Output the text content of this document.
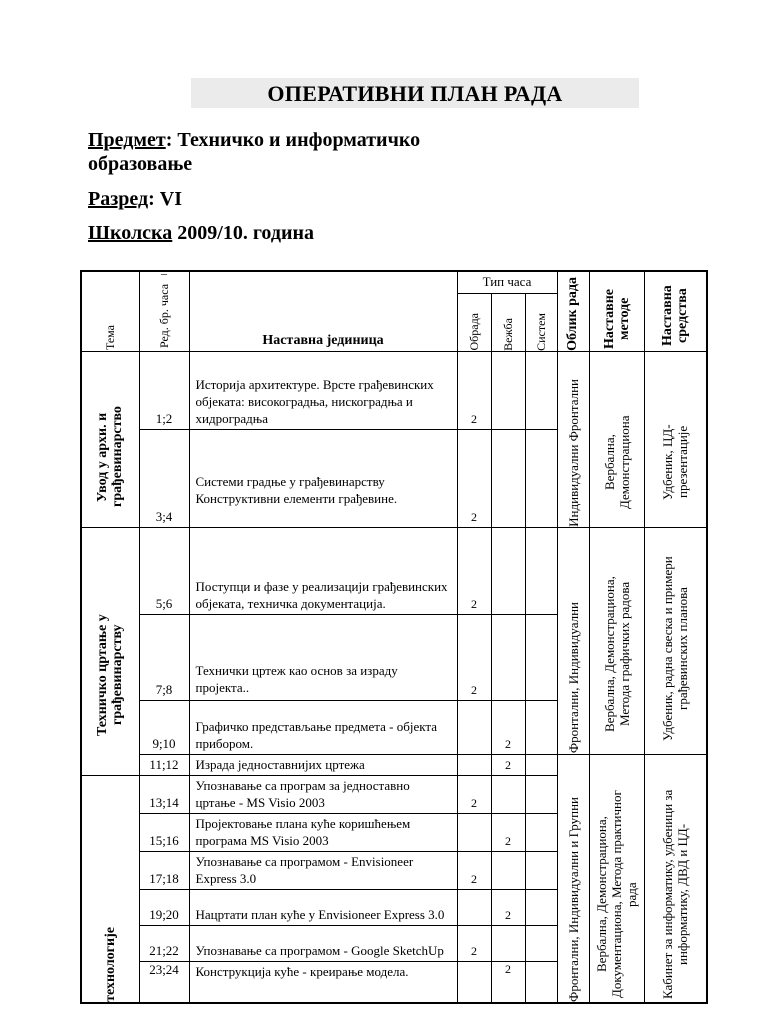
ОПЕРАТИВНИ ПЛАН РАДА
Предмет: Техничко и информатичко образовање
Разред: VI
Школска 2009/10. година
_
Тема	Ред. бр. часа	Наставна јединица	Тип часа			Облик рада	Наставне методе	Наставна средства

			Обрада	Вежба	Систем			

Увод у архи. и грађевинарство	1;2	Историја архитектуре. Врсте грађевинских објеката: високоградња, нискоградња и хидроградња	2			Индивидуални Фронтални	Вербална, Демонстрациона	Удбеник, ЦД-презентације

	3;4	Системи градње у грађевинарству Конструктивни елементи грађевине.	2					

Техничко цртање у грађевинарству	5;6	Поступци и фазе у реализацији грађевинских објеката, техничка документација.	2			Фронтални, Индивидуални	Вербална, Демонстрациона, Метода графичких радова	Удбеник, радна свеска и примери грађевинских планова

	7;8	Технички цртеж као основ за израду пројекта..	2					
	9;10	Графичко представљање предмета - објекта прибором.		2				
	11;12	Израда једноставнијих цртежа		2		Фронтални, Индивидуални и Групни	Вербална, Демонстрациона, Документациона, Метода практичног рада	Кабинет за информатику, удбеници за информатику, ДВД и ЦД-

технологије	13;14	Упознавање са програм за једноставно цртање - MS Visio 2003	2					
	15;16	Пројектовање плана куће коришћењем програма MS Visio 2003		2				
	17;18	Упознавање са програмом - Envisioneer Express 3.0	2					
	19;20	Нацртати план куће у Envisioneer Express 3.0		2				
	21;22	Упознавање са програмом - Google SketchUp	2					
	23;24	Конструкција куће - креирање модела.		2				
